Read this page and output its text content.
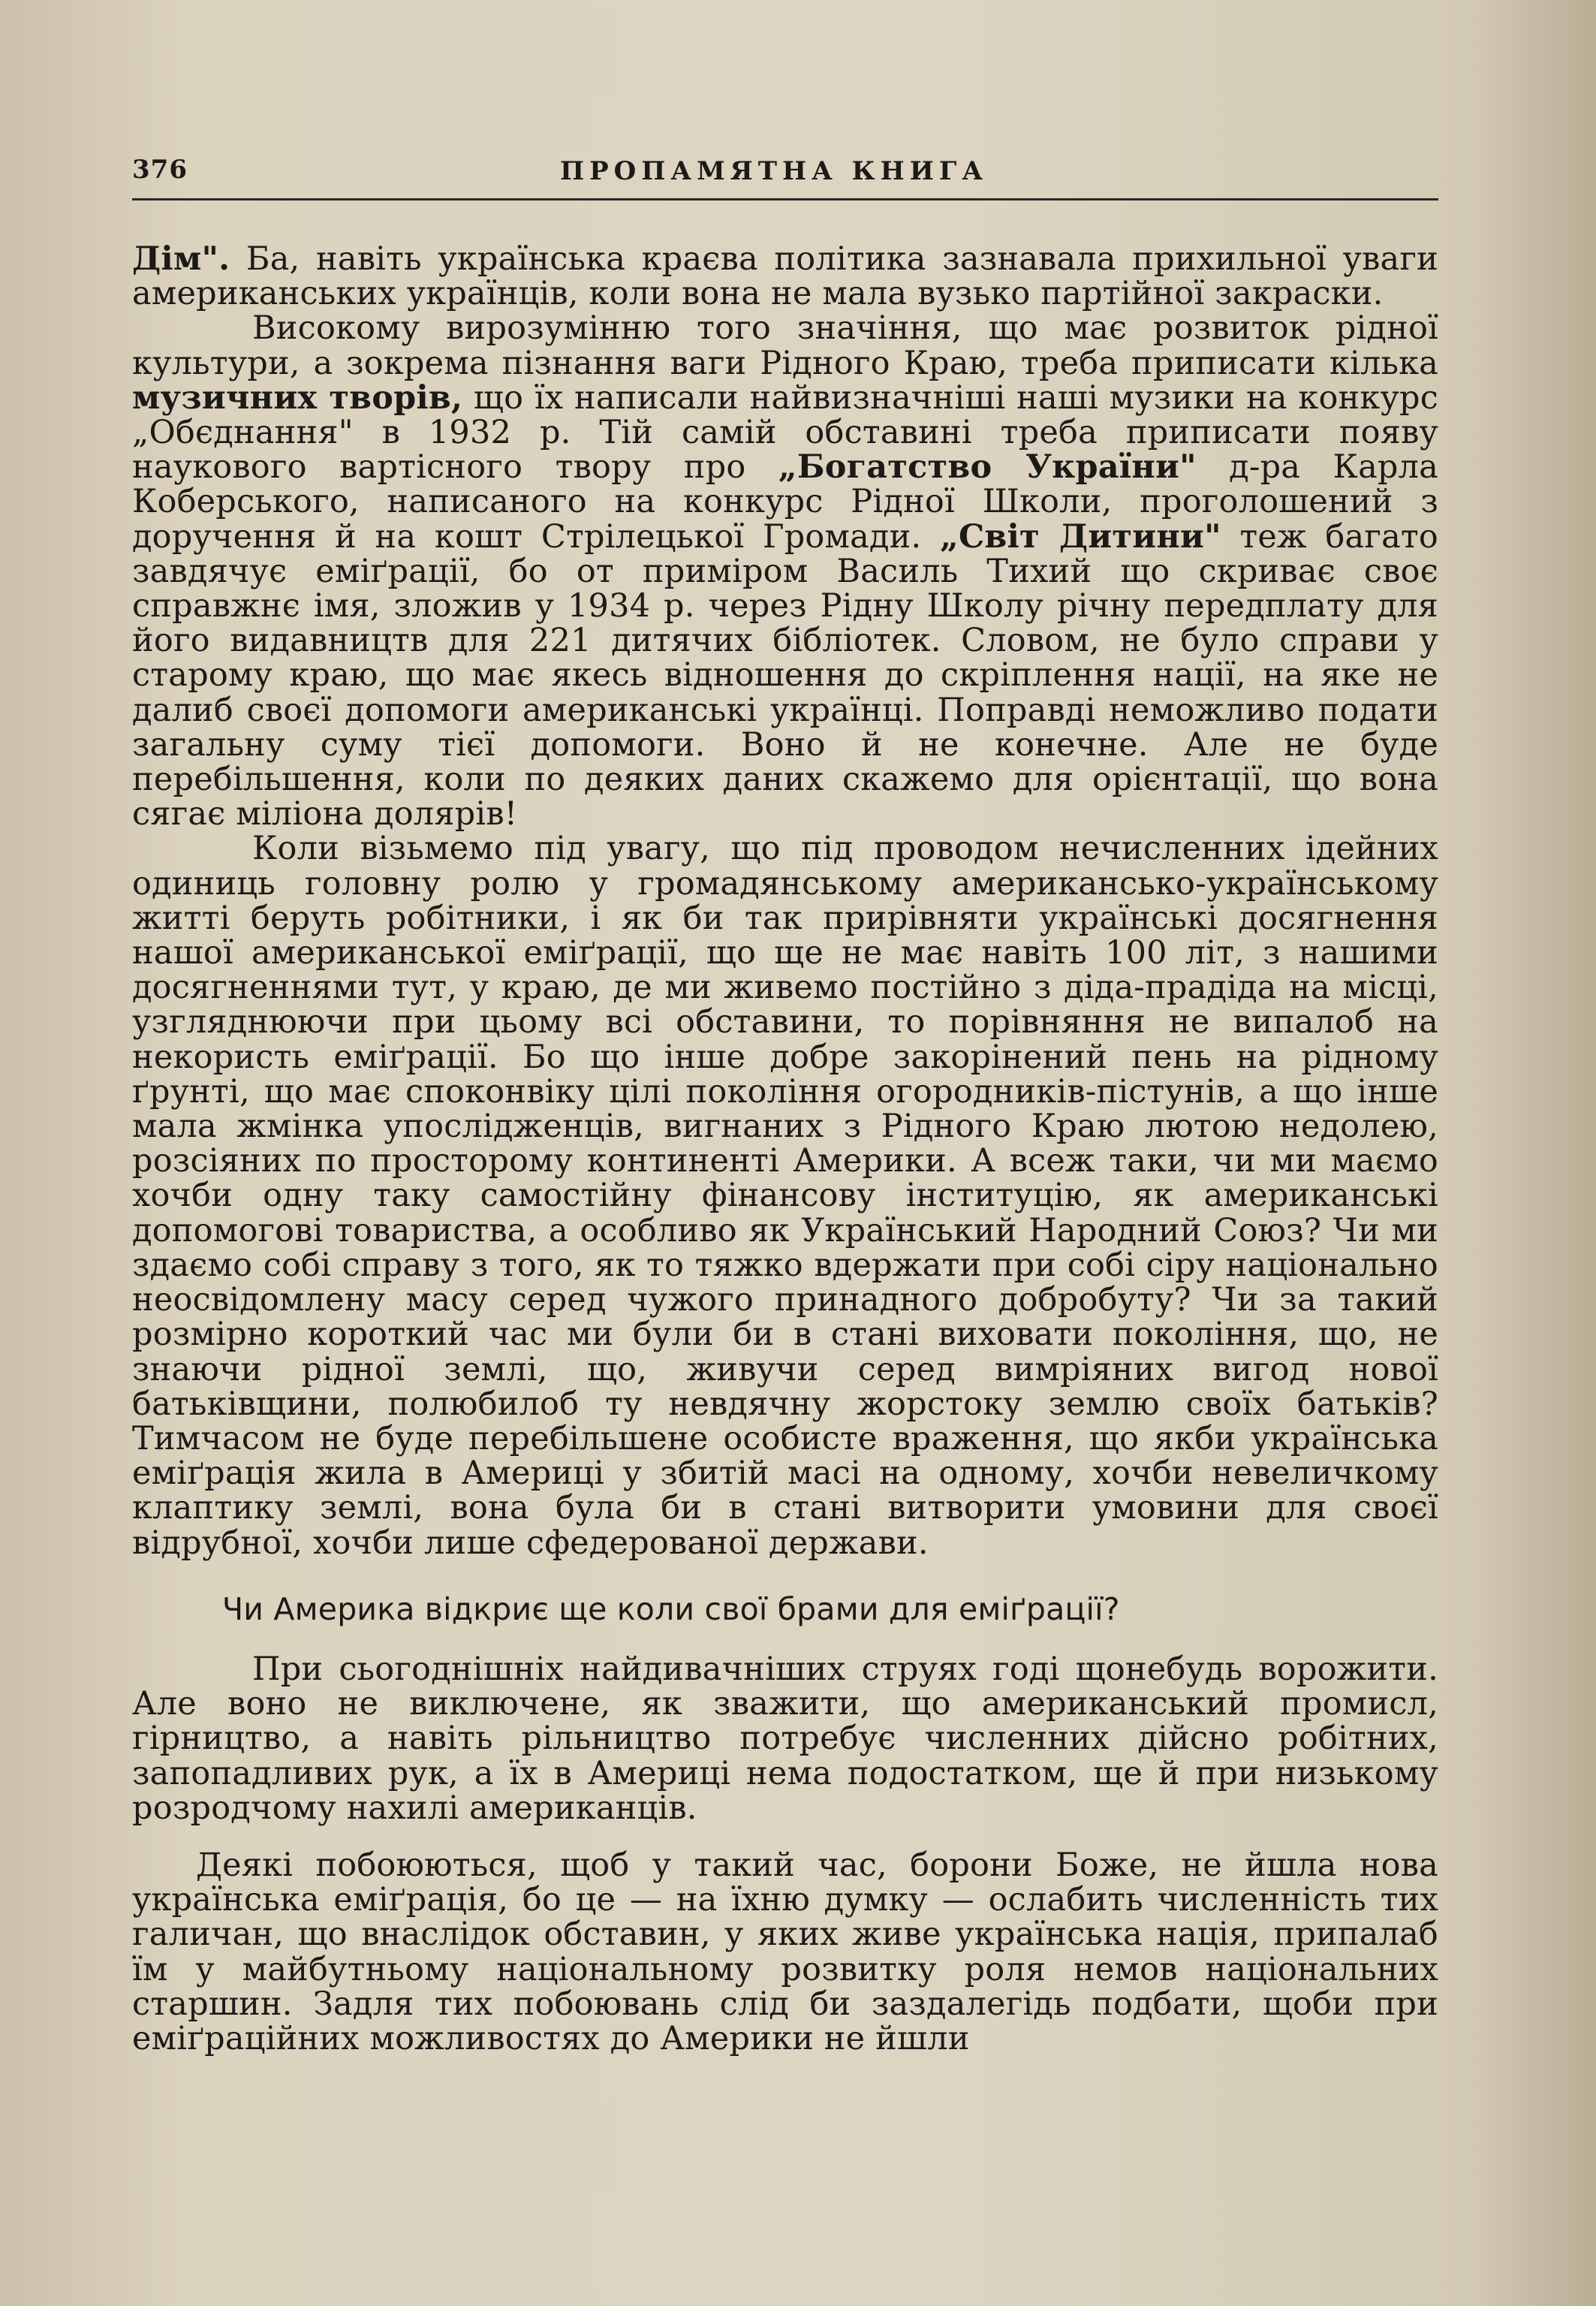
376	ПРОПАМЯТНА КНИГА

Дім". Ба, навіть українська краєва політика зазнавала прихильної уваги американських українців, коли вона не мала вузько партійної закраски.

Високому вирозумінню того значіння, що має розвиток рідної культури, а зокрема пізнання ваги Рідного Краю, треба приписати кілька музичних творів, що їх написали найвизначніші наші музики на конкурс „Обєднання" в 1932 р. Тій самій обставині треба приписати появу наукового вартісного твору про „Богатство України" д-ра Карла Коберського, написаного на конкурс Рідної Школи, проголошений з доручення й на кошт Стрілецької Громади. „Світ Дитини" теж багато завдячує еміґрації, бо от приміром Василь Тихий що скриває своє справжнє імя, зложив у 1934 р. через Рідну Школу річну передплату для його видавництв для 221 дитячих бібліотек. Словом, не було справи у старому краю, що має якесь відношення до скріплення нації, на яке не далиб своєї допомоги американські українці. Поправді неможливо подати загальну суму тієї допомоги. Воно й не конечне. Але не буде перебільшення, коли по деяких даних скажемо для орієнтації, що вона сягає міліона долярів!

Коли візьмемо під увагу, що під проводом нечисленних ідейних одиниць головну ролю у громадянському американсько-українському житті беруть робітники, і як би так прирівняти українські досягнення нашої американської еміґрації, що ще не має навіть 100 літ, з нашими досягненнями тут, у краю, де ми живемо постійно з діда-прадіда на місці, узгляднюючи при цьому всі обставини, то порівняння не випалоб на некористь еміґрації. Бо що інше добре закорінений пень на рідному ґрунті, що має споконвіку цілі покоління огородників-пістунів, а що інше мала жмінка упослідженців, вигнаних з Рідного Краю лютою недолею, розсіяних по просторому континенті Америки. А всеж таки, чи ми маємо хочби одну таку самостійну фінансову інституцію, як американські допомогові товариства, а особливо як Український Народний Союз? Чи ми здаємо собі справу з того, як то тяжко вдержати при собі сіру національно неосвідомлену масу серед чужого принадного добробуту? Чи за такий розмірно короткий час ми були би в стані виховати покоління, що, не знаючи рідної землі, що, живучи серед вимріяних вигод нової батьківщини, полюбилоб ту невдячну жорстоку землю своїх батьків? Тимчасом не буде перебільшене особисте враження, що якби українська еміґрація жила в Америці у збитій масі на одному, хочби невеличкому клаптику землі, вона була би в стані витворити умовини для своєї відрубної, хочби лише сфедерованої держави.

Чи Америка відкриє ще коли свої брами для еміґрації?

При сьогоднішніх найдивачніших струях годі щонебудь ворожити. Але воно не виключене, як зважити, що американський промисл, гірництво, а навіть рільництво потребує численних дійсно робітних, запопадливих рук, а їх в Америці нема подостатком, ще й при низькому розродчому нахилі американців.

Деякі побоюються, щоб у такий час, борони Боже, не йшла нова українська еміґрація, бо це — на їхню думку — ослабить численність тих галичан, що внаслідок обставин, у яких живе українська нація, припалаб їм у майбутньому національному розвитку роля немов національних старшин. Задля тих побоювань слід би заздалегідь подбати, щоби при еміґраційних можливостях до Америки не йшли
